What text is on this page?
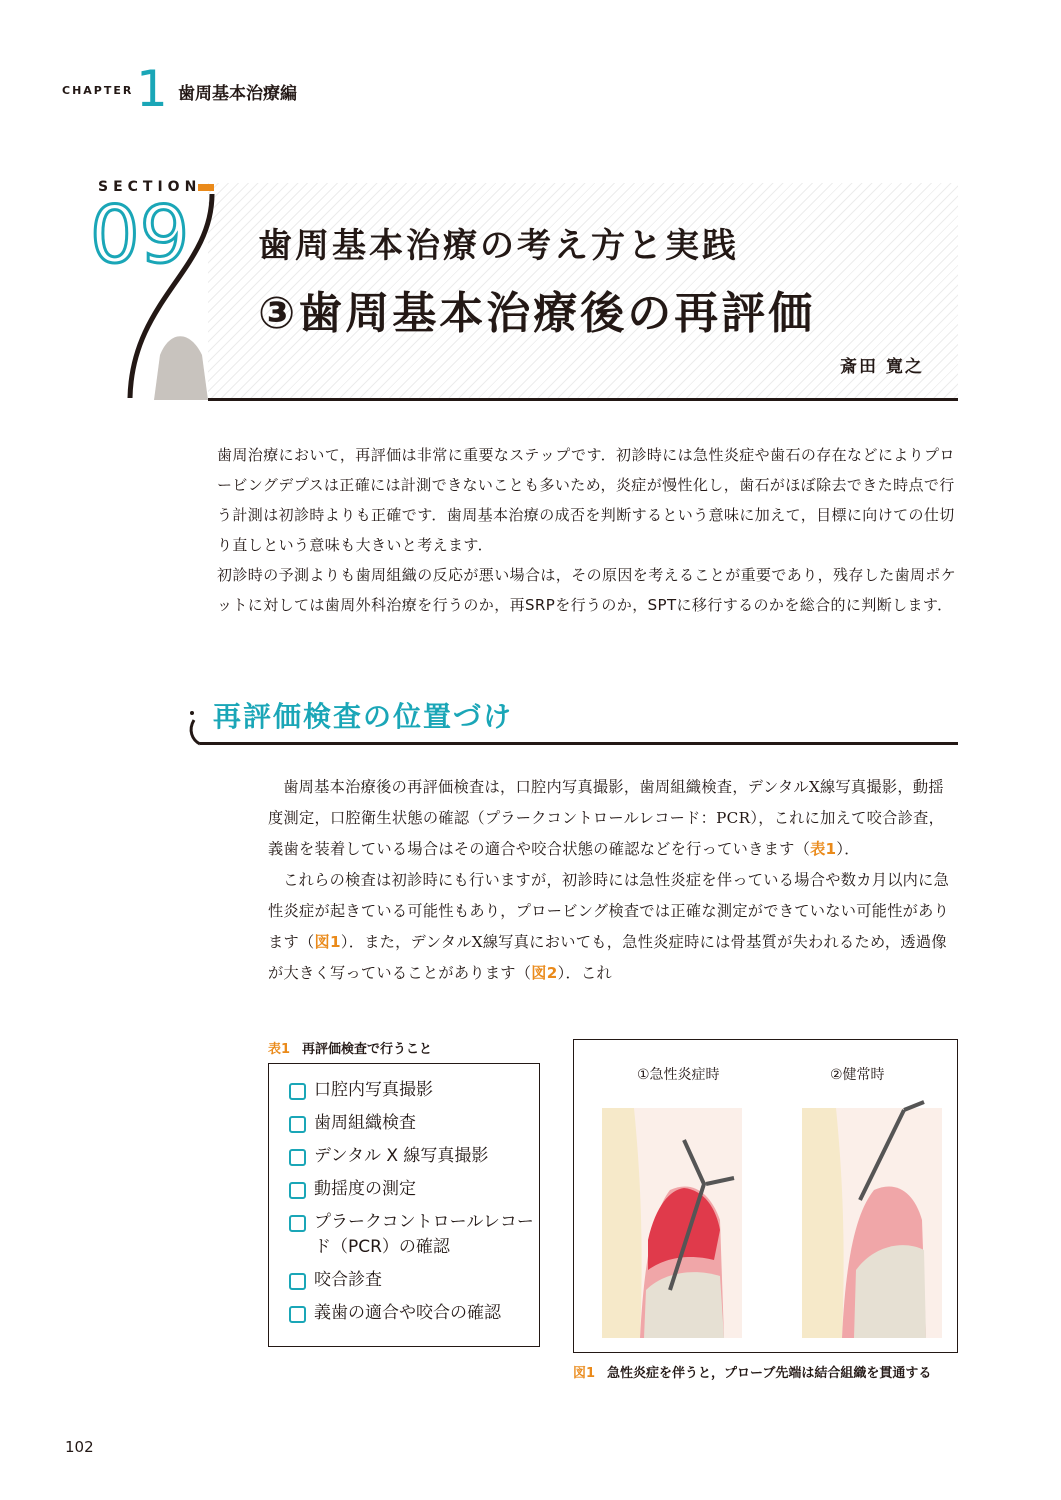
CHAPTER 1 歯周基本治療編
SECTION
09 歯周基本治療の考え方と実践
③歯周基本治療後の再評価
斎田 寛之

歯周治療において，再評価は非常に重要なステップです．初診時には急性炎症や歯石の存在などによりプロービングデプスは正確には計測できないことも多いため，炎症が慢性化し，歯石がほぼ除去できた時点で行う計測は初診時よりも正確です．歯周基本治療の成否を判断するという意味に加えて，目標に向けての仕切り直しという意味も大きいと考えます．

初診時の予測よりも歯周組織の反応が悪い場合は，その原因を考えることが重要であり，残存した歯周ポケットに対しては歯周外科治療を行うのか，再SRPを行うのか，SPTに移行するのかを総合的に判断します．

再評価検査の位置づけ

歯周基本治療後の再評価検査は，口腔内写真撮影，歯周組織検査，デンタルX線写真撮影，動揺度測定，口腔衛生状態の確認（プラークコントロールレコード：PCR），これに加えて咬合診査，義歯を装着している場合はその適合や咬合状態の確認などを行っていきます（表1）．

これらの検査は初診時にも行いますが，初診時には急性炎症を伴っている場合や数カ月以内に急性炎症が起きている可能性もあり，プロービング検査では正確な測定ができていない可能性があります（図1）．また，デンタルX線写真においても，急性炎症時には骨基質が失われるため，透過像が大きく写っていることがあります（図2）．これ

表1 再評価検査で行うこと
口腔内写真撮影
歯周組織検査
デンタル X 線写真撮影
動揺度の測定
プラークコントロールレコード（PCR）の確認
咬合診査
義歯の適合や咬合の確認
①急性炎症時	②健常時
図1 急性炎症を伴うと，プローブ先端は結合組織を貫通する
102
